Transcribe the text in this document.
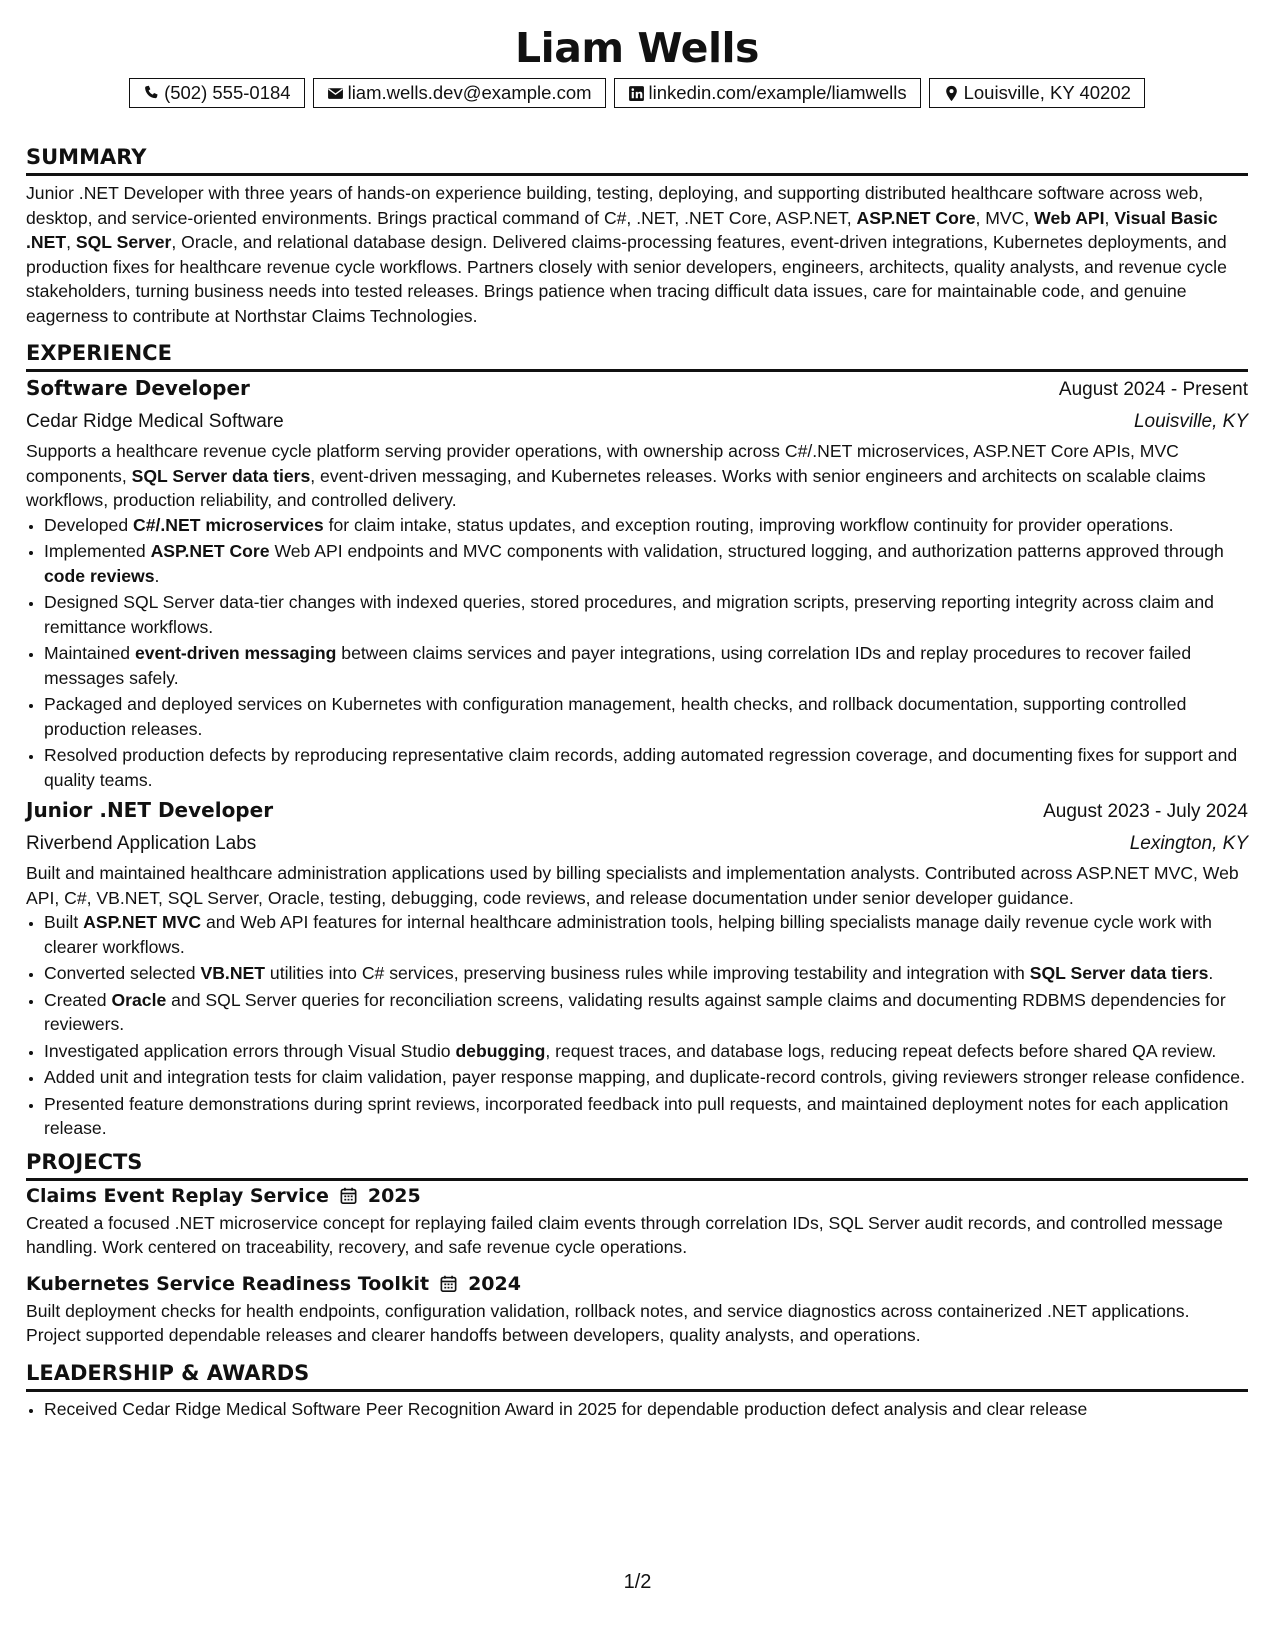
Liam Wells
(502) 555-0184	liam.wells.dev@example.com	linkedin.com/example/liamwells	Louisville, KY 40202
SUMMARY

Junior .NET Developer with three years of hands-on experience building, testing, deploying, and supporting distributed healthcare software across web, desktop, and service-oriented environments. Brings practical command of C#, .NET, .NET Core, ASP.NET, ASP.NET Core, MVC, Web API, Visual Basic .NET, SQL Server, Oracle, and relational database design. Delivered claims-processing features, event-driven integrations, Kubernetes deployments, and production fixes for healthcare revenue cycle workflows. Partners closely with senior developers, engineers, architects, quality analysts, and revenue cycle stakeholders, turning business needs into tested releases. Brings patience when tracing difficult data issues, care for maintainable code, and genuine eagerness to contribute at Northstar Claims Technologies.

EXPERIENCE
Software Developer	August 2024 - Present
Cedar Ridge Medical Software	Louisville, KY

Supports a healthcare revenue cycle platform serving provider operations, with ownership across C#/.NET microservices, ASP.NET Core APIs, MVC components, SQL Server data tiers, event-driven messaging, and Kubernetes releases. Works with senior engineers and architects on scalable claims workflows, production reliability, and controlled delivery.

• Developed C#/.NET microservices for claim intake, status updates, and exception routing, improving workflow continuity for provider operations.
• Implemented ASP.NET Core Web API endpoints and MVC components with validation, structured logging, and authorization patterns approved through code reviews.
• Designed SQL Server data-tier changes with indexed queries, stored procedures, and migration scripts, preserving reporting integrity across claim and remittance workflows.
• Maintained event-driven messaging between claims services and payer integrations, using correlation IDs and replay procedures to recover failed messages safely.
• Packaged and deployed services on Kubernetes with configuration management, health checks, and rollback documentation, supporting controlled production releases.
• Resolved production defects by reproducing representative claim records, adding automated regression coverage, and documenting fixes for support and quality teams.
Junior .NET Developer	August 2023 - July 2024
Riverbend Application Labs	Lexington, KY

Built and maintained healthcare administration applications used by billing specialists and implementation analysts. Contributed across ASP.NET MVC, Web API, C#, VB.NET, SQL Server, Oracle, testing, debugging, code reviews, and release documentation under senior developer guidance.

• Built ASP.NET MVC and Web API features for internal healthcare administration tools, helping billing specialists manage daily revenue cycle work with clearer workflows.
• Converted selected VB.NET utilities into C# services, preserving business rules while improving testability and integration with SQL Server data tiers.
• Created Oracle and SQL Server queries for reconciliation screens, validating results against sample claims and documenting RDBMS dependencies for reviewers.
• Investigated application errors through Visual Studio debugging, request traces, and database logs, reducing repeat defects before shared QA review.
• Added unit and integration tests for claim validation, payer response mapping, and duplicate-record controls, giving reviewers stronger release confidence.
• Presented feature demonstrations during sprint reviews, incorporated feedback into pull requests, and maintained deployment notes for each application release.
PROJECTS
Claims Event Replay Service 2025

Created a focused .NET microservice concept for replaying failed claim events through correlation IDs, SQL Server audit records, and controlled message handling. Work centered on traceability, recovery, and safe revenue cycle operations.

Kubernetes Service Readiness Toolkit 2024

Built deployment checks for health endpoints, configuration validation, rollback notes, and service diagnostics across containerized .NET applications. Project supported dependable releases and clearer handoffs between developers, quality analysts, and operations.

LEADERSHIP & AWARDS
• Received Cedar Ridge Medical Software Peer Recognition Award in 2025 for dependable production defect analysis and clear release
1/2
